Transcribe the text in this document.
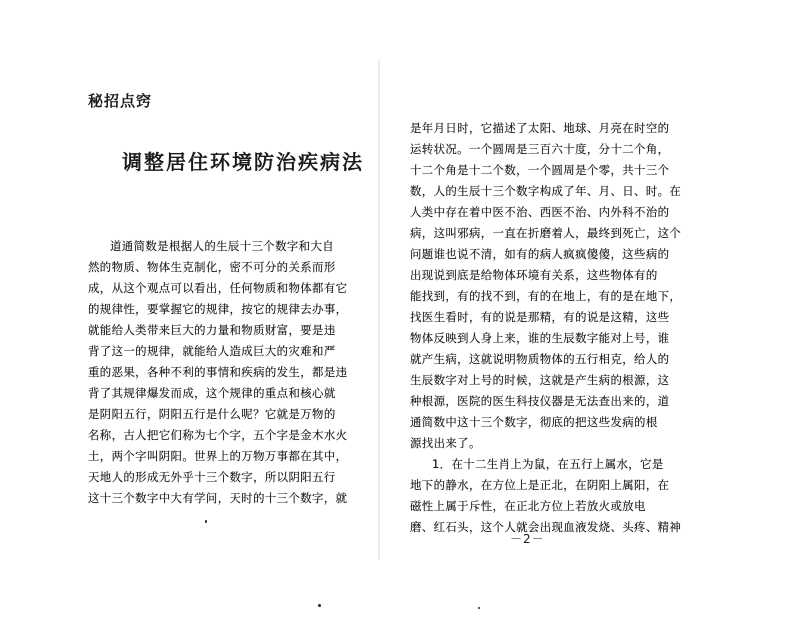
秘招点窍
调整居住环境防治疾病法
道通简数是根据人的生辰十三个数字和大自
然的物质、物体生克制化，密不可分的关系而形
成，从这个观点可以看出，任何物质和物体都有它
的规律性，要掌握它的规律，按它的规律去办事，
就能给人类带来巨大的力量和物质财富，要是违
背了这一的规律，就能给人造成巨大的灾难和严
重的恶果，各种不利的事情和疾病的发生，都是违
背了其规律爆发而成，这个规律的重点和核心就
是阴阳五行，阴阳五行是什么呢？它就是万物的
名称，古人把它们称为七个字，五个字是金木水火
土，两个字叫阴阳。世界上的万物万事都在其中，
天地人的形成无外乎十三个数字，所以阴阳五行
这十三个数字中大有学问，天时的十三个数字，就
是年月日时，它描述了太阳、地球、月亮在时空的
运转状况。一个圆周是三百六十度，分十二个角，
十二个角是十二个数，一个圆周是个零，共十三个
数，人的生辰十三个数字构成了年、月、日、时。在
人类中存在着中医不治、西医不治、内外科不治的
病，这叫邪病，一直在折磨着人，最终到死亡，这个
问题谁也说不清，如有的病人疯疯傻傻，这些病的
出现说到底是给物体环境有关系，这些物体有的
能找到，有的找不到，有的在地上，有的是在地下，
找医生看时，有的说是那精，有的说是这精，这些
物体反映到人身上来，谁的生辰数字能对上号，谁
就产生病，这就说明物质物体的五行相克，给人的
生辰数字对上号的时候，这就是产生病的根源，这
种根源，医院的医生科技仪器是无法查出来的，道
通简数中这十三个数字，彻底的把这些发病的根
源找出来了。
1．在十二生肖上为鼠，在五行上属水，它是
地下的静水，在方位上是正北，在阴阳上属阳，在
磁性上属于斥性，在正北方位上若放火或放电
磨、红石头，这个人就会出现血液发烧、头疼、精神
－2－
